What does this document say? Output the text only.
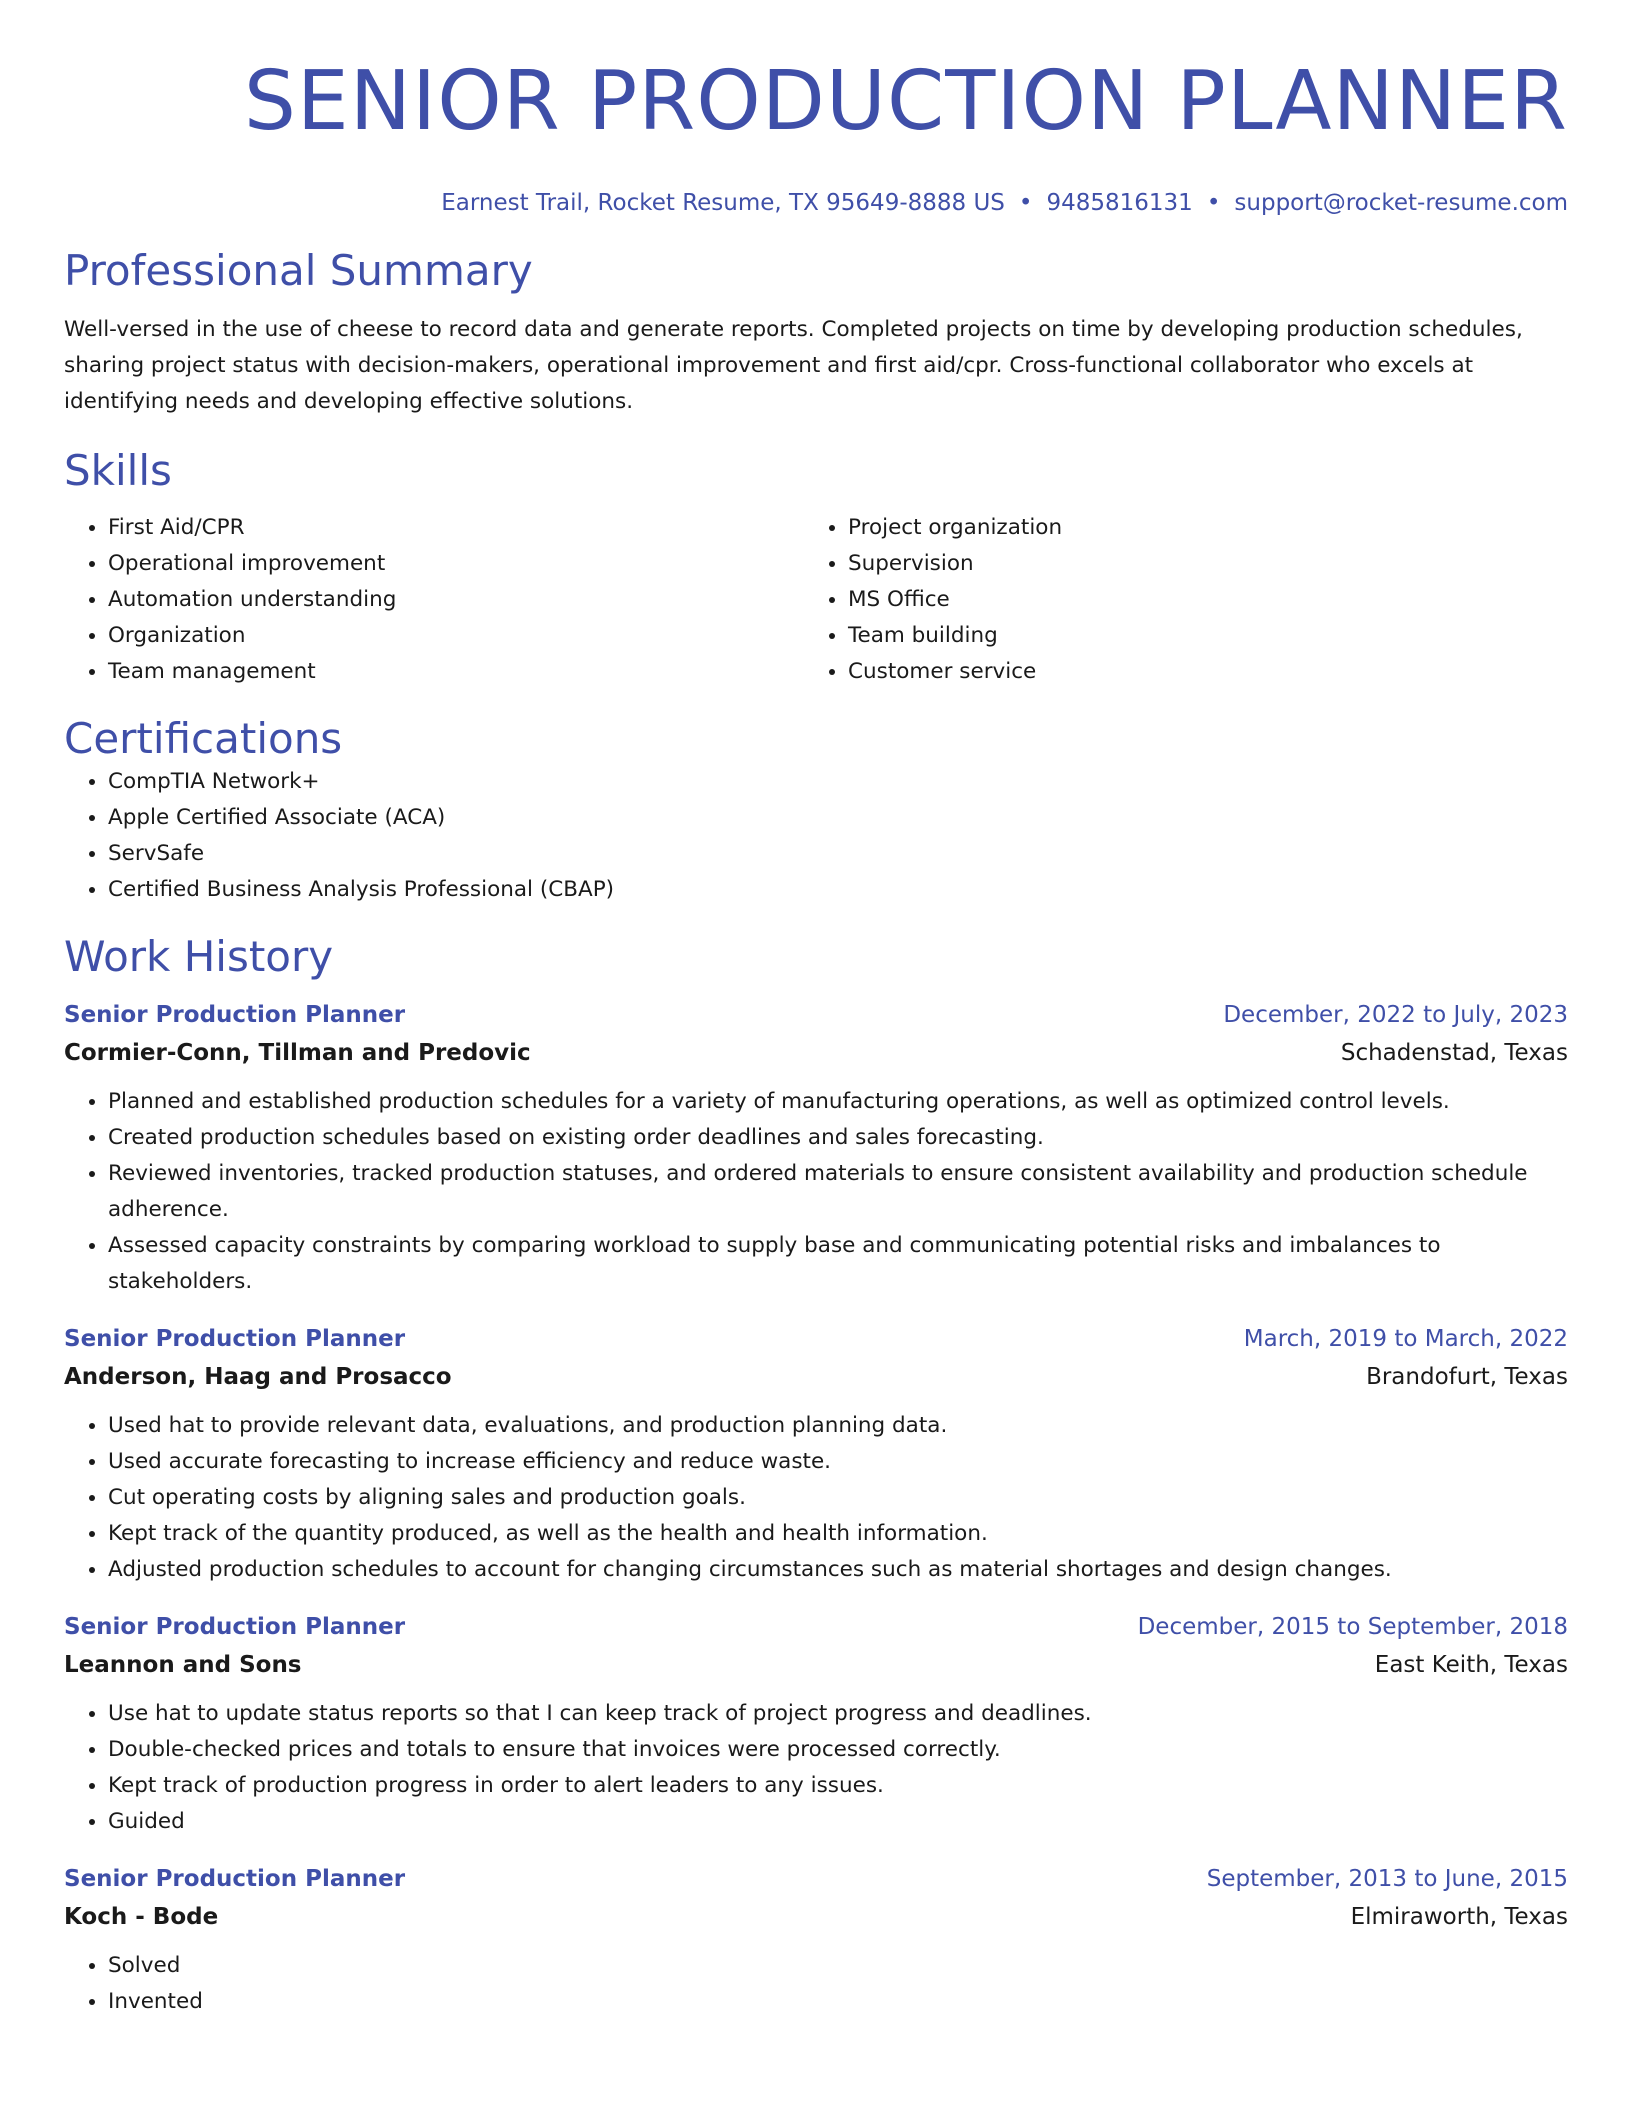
SENIOR PRODUCTION PLANNER
Earnest Trail, Rocket Resume, TX 95649-8888 US • 9485816131 • support@rocket-resume.com
Professional Summary

Well-versed in the use of cheese to record data and generate reports. Completed projects on time by developing production schedules, sharing project status with decision-makers, operational improvement and first aid/cpr. Cross-functional collaborator who excels at identifying needs and developing effective solutions.

Skills
• First Aid/CPR
• Operational improvement
• Automation understanding
• Organization
• Team management
• Project organization
• Supervision
• MS Office
• Team building
• Customer service
Certifications
• CompTIA Network+
• Apple Certified Associate (ACA)
• ServSafe
• Certified Business Analysis Professional (CBAP)
Work History
Senior Production Planner	December, 2022 to July, 2023
Cormier-Conn, Tillman and Predovic	Schadenstad, Texas
• Planned and established production schedules for a variety of manufacturing operations, as well as optimized control levels.
• Created production schedules based on existing order deadlines and sales forecasting.
• Reviewed inventories, tracked production statuses, and ordered materials to ensure consistent availability and production schedule adherence.
• Assessed capacity constraints by comparing workload to supply base and communicating potential risks and imbalances to stakeholders.
Senior Production Planner	March, 2019 to March, 2022
Anderson, Haag and Prosacco	Brandofurt, Texas
• Used hat to provide relevant data, evaluations, and production planning data.
• Used accurate forecasting to increase efficiency and reduce waste.
• Cut operating costs by aligning sales and production goals.
• Kept track of the quantity produced, as well as the health and health information.
• Adjusted production schedules to account for changing circumstances such as material shortages and design changes.
Senior Production Planner	December, 2015 to September, 2018
Leannon and Sons	East Keith, Texas
• Use hat to update status reports so that I can keep track of project progress and deadlines.
• Double-checked prices and totals to ensure that invoices were processed correctly.
• Kept track of production progress in order to alert leaders to any issues.
• Guided
Senior Production Planner	September, 2013 to June, 2015
Koch - Bode	Elmiraworth, Texas
• Solved
• Invented
